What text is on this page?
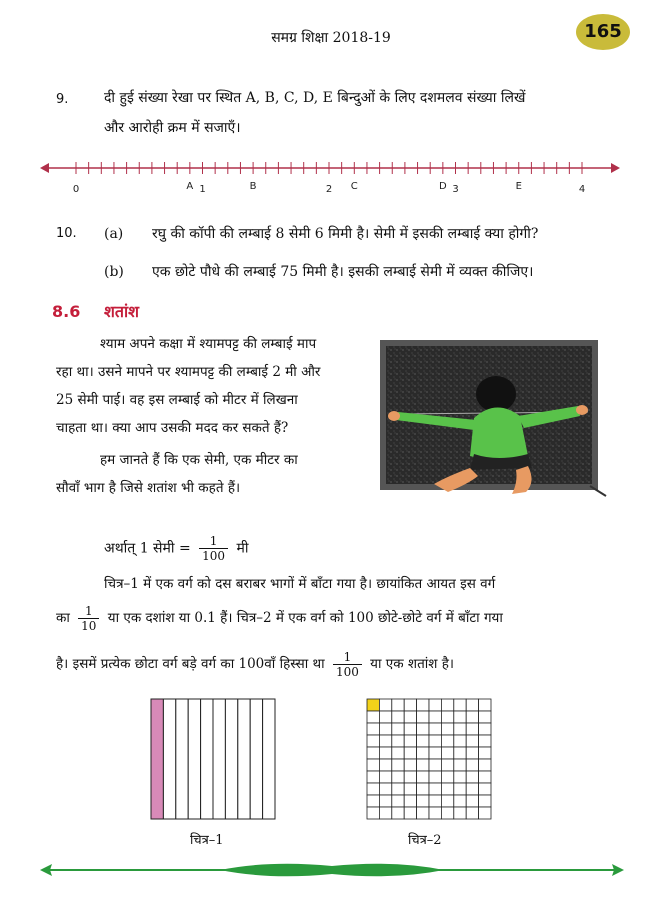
समग्र शिक्षा 2018-19	165
9.	दी हुई संख्या रेखा पर स्थित A, B, C, D, E बिन्दुओं के लिए दशमलव संख्या लिखें
और आरोही क्रम में सजाएँ।
0	1	2	3	4
A	B	C	D	E
10. (a) रघु की कॉपी की लम्बाई 8 सेमी 6 मिमी है। सेमी में इसकी लम्बाई क्या होगी?
(b) एक छोटे पौधे की लम्बाई 75 मिमी है। इसकी लम्बाई सेमी में व्यक्त कीजिए।
8.6 शतांश
श्याम अपने कक्षा में श्यामपट्ट की लम्बाई माप
रहा था। उसने मापने पर श्यामपट्ट की लम्बाई 2 मी और
25 सेमी पाई। वह इस लम्बाई को मीटर में लिखना
चाहता था। क्या आप उसकी मदद कर सकते हैं?
हम जानते हैं कि एक सेमी, एक मीटर का
सौवाँ भाग है जिसे शतांश भी कहते हैं।
अर्थात् 1 सेमी = $\frac{1}{100}$ मी
चित्र–1 में एक वर्ग को दस बराबर भागों में बाँटा गया है। छायांकित आयत इस वर्ग
का $\frac{1}{10}$ या एक दशांश या 0.1 हैं। चित्र–2 में एक वर्ग को 100 छोटे-छोटे वर्ग में बाँटा गया
है। इसमें प्रत्येक छोटा वर्ग बड़े वर्ग का 100वाँ हिस्सा था $\frac{1}{100}$ या एक शतांश है।
चित्र–1	चित्र–2
